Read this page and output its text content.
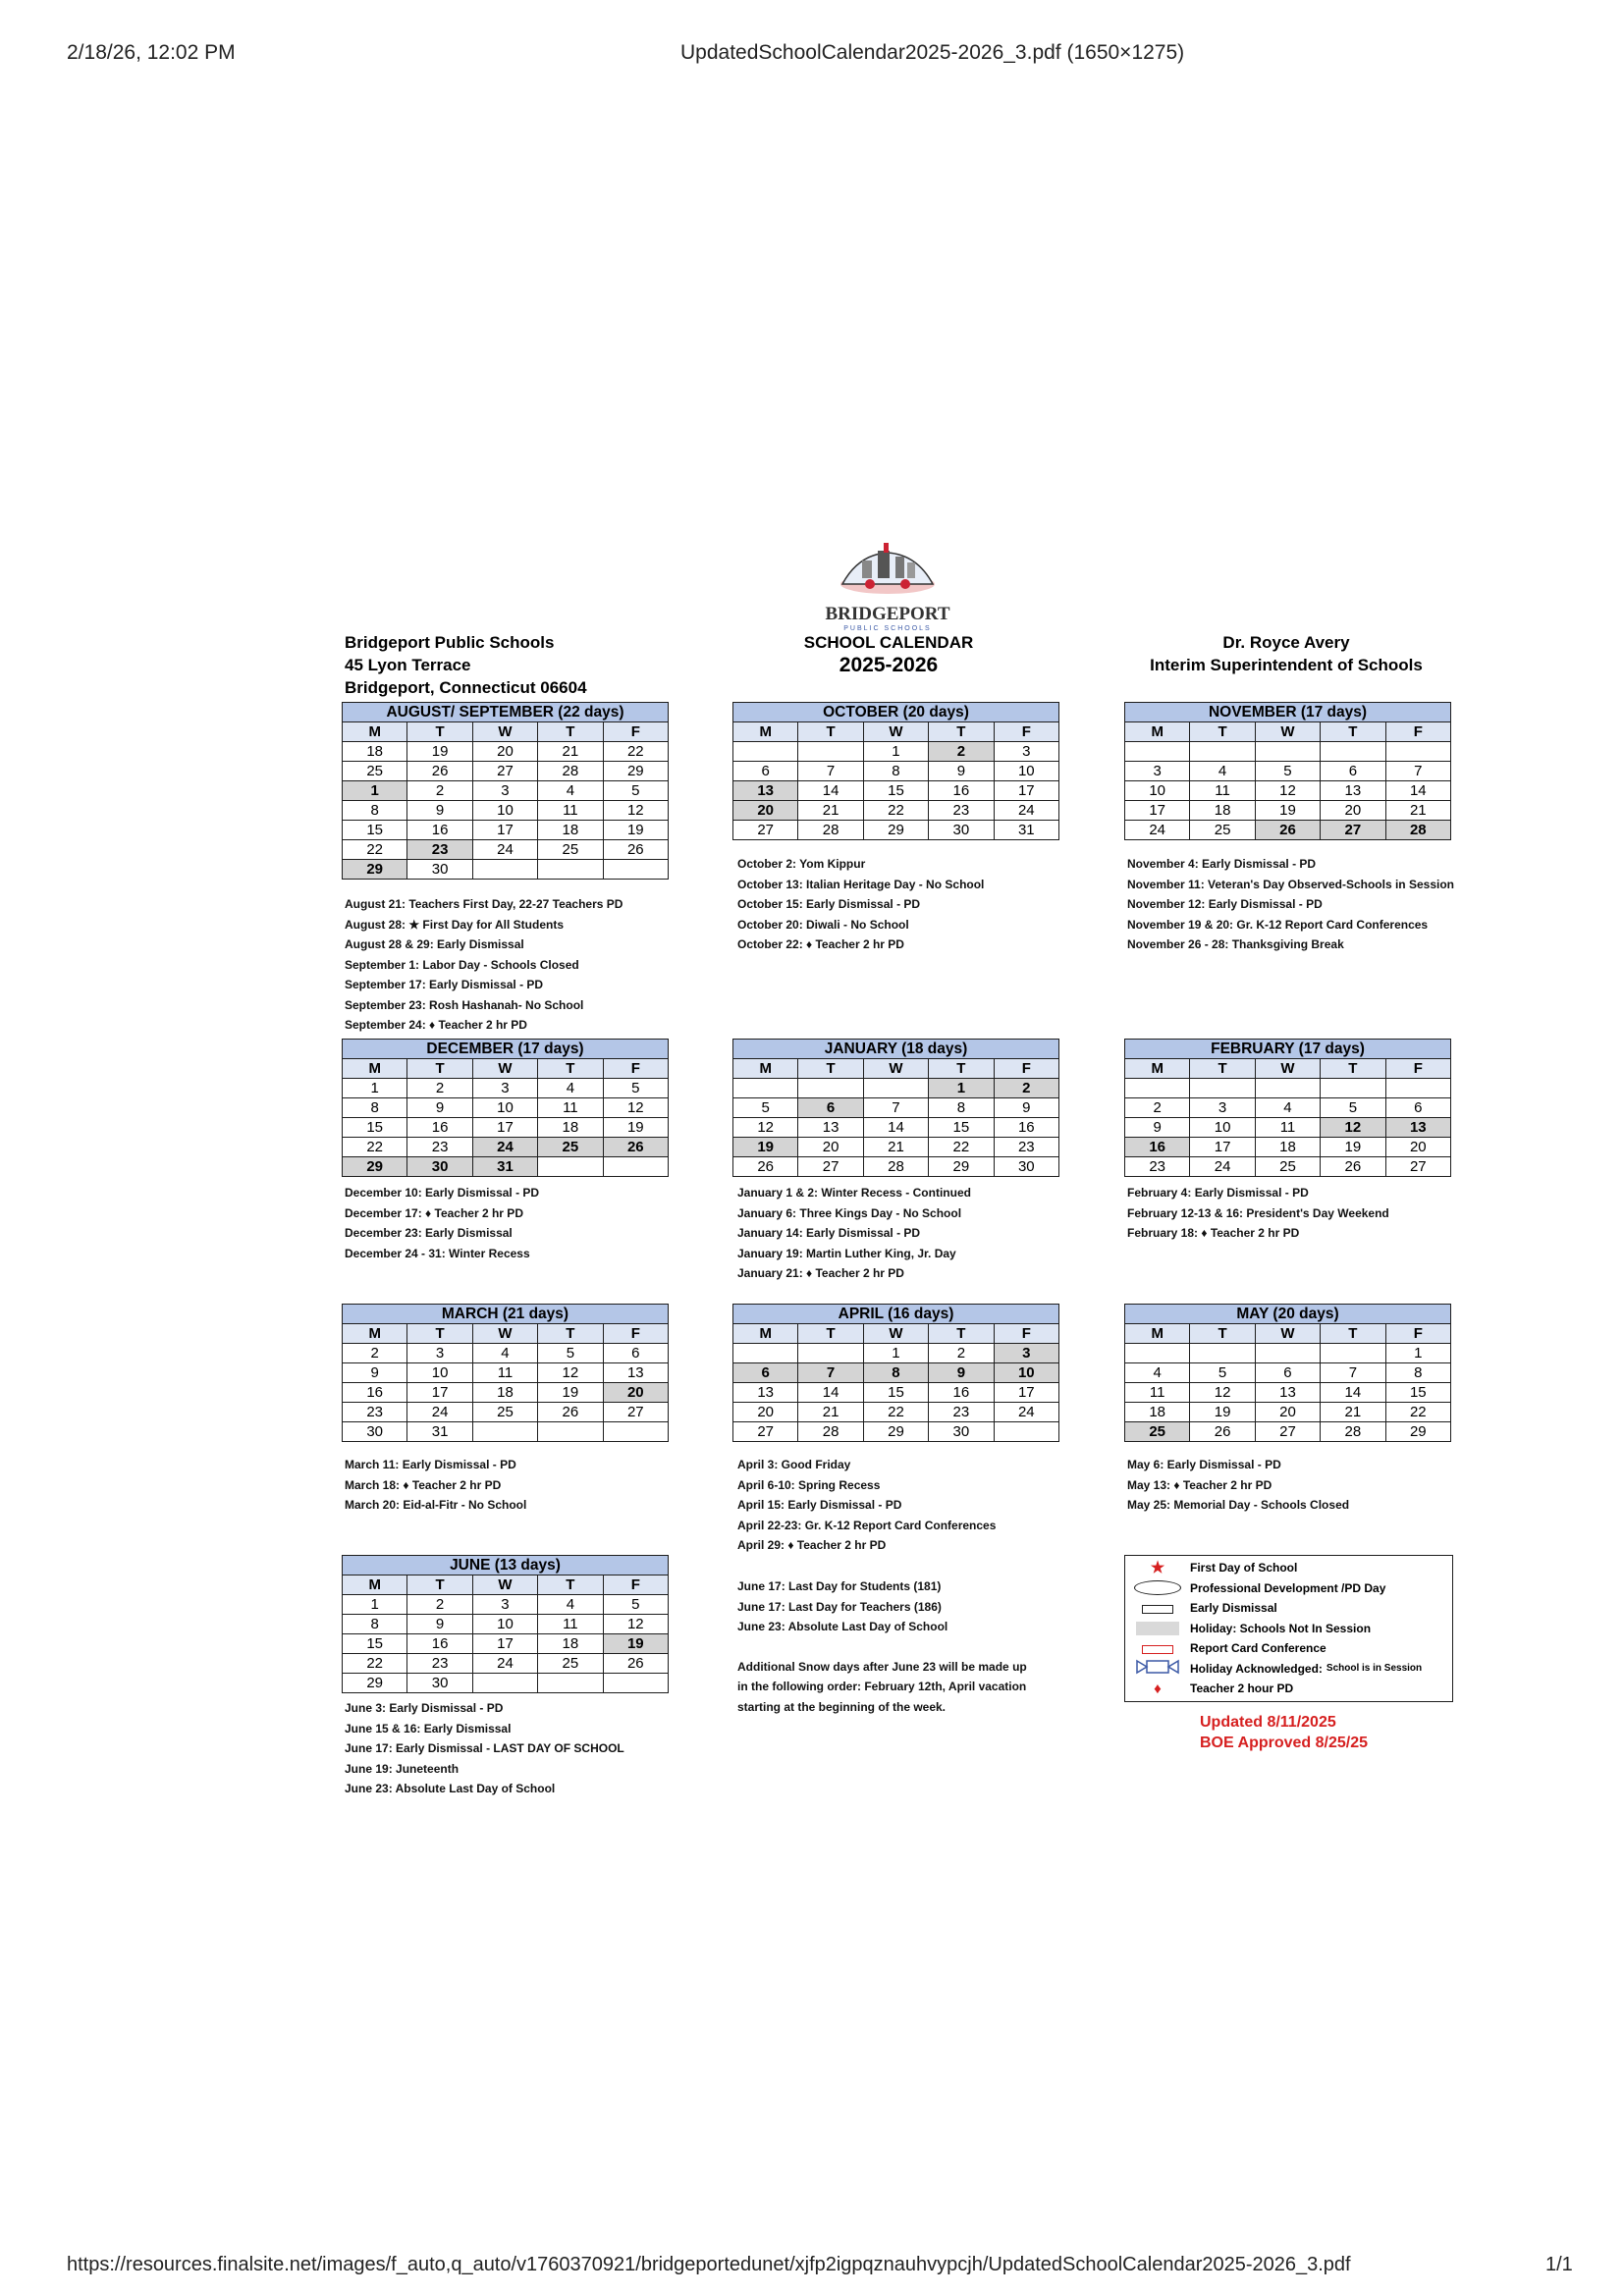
2/18/26, 12:02 PM	UpdatedSchoolCalendar2025-2026_3.pdf (1650×1275)
BRIDGEPORT
PUBLIC SCHOOLS
Bridgeport Public Schools
45 Lyon Terrace
Bridgeport, Connecticut 06604
SCHOOL CALENDAR
2025-2026
Dr. Royce Avery
Interim Superintendent of Schools
AUGUST/ SEPTEMBER (22 days)				
M	T	W	T	F
18	19	20	21	22
25	26	27	28	29
1	2	3	4	5
8	9	10	11	12
15	16	17	18	19
22	23	24	25	26
29	30			
OCTOBER (20 days)				
M	T	W	T	F
		1	2	3
6	7	8	9	10
13	14	15	16	17
20	21	22	23	24
27	28	29	30	31
NOVEMBER (17 days)				
M	T	W	T	F

3	4	5	6	7
10	11	12	13	14
17	18	19	20	21
24	25	26	27	28
DECEMBER (17 days)				
M	T	W	T	F
1	2	3	4	5
8	9	10	11	12
15	16	17	18	19
22	23	24	25	26
29	30	31		
JANUARY (18 days)				
M	T	W	T	F
			1	2
5	6	7	8	9
12	13	14	15	16
19	20	21	22	23
26	27	28	29	30
FEBRUARY (17 days)				
M	T	W	T	F

2	3	4	5	6
9	10	11	12	13
16	17	18	19	20
23	24	25	26	27
MARCH (21 days)				
M	T	W	T	F
2	3	4	5	6
9	10	11	12	13
16	17	18	19	20
23	24	25	26	27
30	31			
APRIL (16 days)				
M	T	W	T	F
		1	2	3
6	7	8	9	10
13	14	15	16	17
20	21	22	23	24
27	28	29	30	
MAY (20 days)				
M	T	W	T	F
				1
4	5	6	7	8
11	12	13	14	15
18	19	20	21	22
25	26	27	28	29
JUNE (13 days)				
M	T	W	T	F
1	2	3	4	5
8	9	10	11	12
15	16	17	18	19
22	23	24	25	26
29	30			
August 21: Teachers First Day, 22-27 Teachers PD
August 28: ★ First Day for All Students
August 28 & 29: Early Dismissal
September 1: Labor Day - Schools Closed
September 17: Early Dismissal - PD
September 23: Rosh Hashanah- No School
September 24: ♦ Teacher 2 hr PD
October 2: Yom Kippur
October 13: Italian Heritage Day - No School
October 15: Early Dismissal - PD
October 20: Diwali - No School
October 22: ♦ Teacher 2 hr PD
November 4: Early Dismissal - PD
November 11: Veteran's Day Observed-Schools in Session
November 12: Early Dismissal - PD
November 19 & 20: Gr. K-12 Report Card Conferences
November 26 - 28: Thanksgiving Break
December 10: Early Dismissal - PD
December 17: ♦ Teacher 2 hr PD
December 23: Early Dismissal
December 24 - 31: Winter Recess
January 1 & 2: Winter Recess - Continued
January 6: Three Kings Day - No School
January 14: Early Dismissal - PD
January 19: Martin Luther King, Jr. Day
January 21: ♦ Teacher 2 hr PD
February 4: Early Dismissal - PD
February 12-13 & 16: President's Day Weekend
February 18: ♦ Teacher 2 hr PD
March 11: Early Dismissal - PD
March 18: ♦ Teacher 2 hr PD
March 20: Eid-al-Fitr - No School
April 3: Good Friday
April 6-10: Spring Recess
April 15: Early Dismissal - PD
April 22-23: Gr. K-12 Report Card Conferences
April 29: ♦ Teacher 2 hr PD
May 6: Early Dismissal - PD
May 13: ♦ Teacher 2 hr PD
May 25: Memorial Day - Schools Closed
June 3: Early Dismissal - PD
June 15 & 16: Early Dismissal
June 17: Early Dismissal - LAST DAY OF SCHOOL
June 19: Juneteenth
June 23: Absolute Last Day of School
June 17: Last Day for Students (181)
June 17: Last Day for Teachers (186)
June 23: Absolute Last Day of School
Additional Snow days after June 23 will be made up
in the following order: February 12th, April vacation
starting at the beginning of the week.
★	First Day of School
Professional Development /PD Day
Early Dismissal
Holiday: Schools Not In Session
Report Card Conference
Holiday Acknowledged: School is in Session
♦	Teacher 2 hour PD
Updated 8/11/2025
BOE Approved 8/25/25
https://resources.finalsite.net/images/f_auto,q_auto/v1760370921/bridgeportedunet/xjfp2igpqznauhvypcjh/UpdatedSchoolCalendar2025-2026_3.pdf	1/1
